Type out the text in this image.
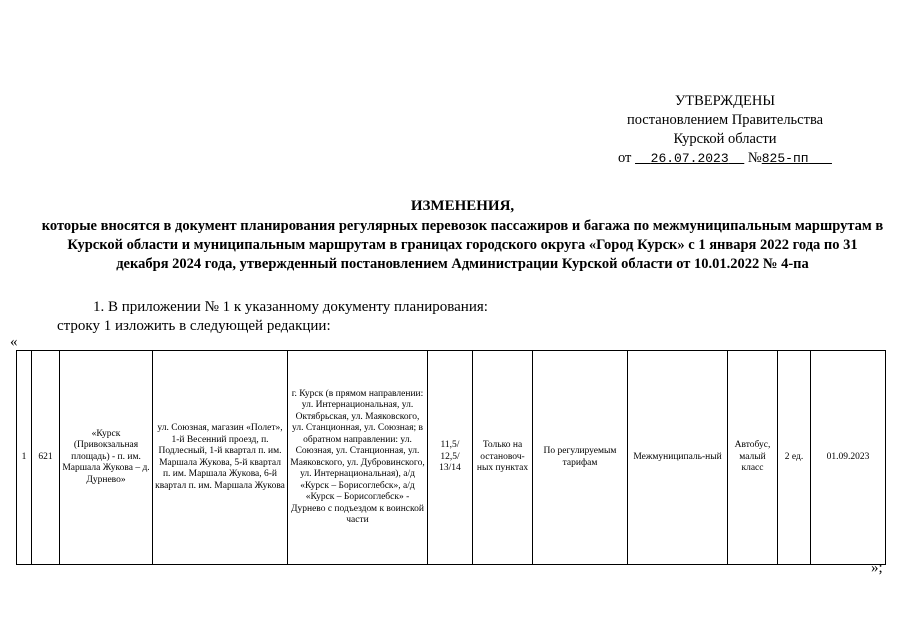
УТВЕРЖДЕНЫ
постановлением Правительства
Курской области
от 26.07.2023 №825-пп
ИЗМЕНЕНИЯ,
которые вносятся в документ планирования регулярных перевозок пассажиров и багажа по межмуниципальным маршрутам в Курской области и муниципальным маршрутам в границах городского округа «Город Курск» с 1 января 2022 года по 31 декабря 2024 года, утвержденный постановлением Администрации Курской области от 10.01.2022 № 4-па
1. В приложении № 1 к указанному документу планирования:
строку 1 изложить в следующей редакции:
«
1	621	«Курск (Привокзальная площадь) - п. им. Маршала Жукова – д. Дурнево»	ул. Союзная, магазин «Полет», 1-й Весенний проезд, п. Подлесный, 1-й квартал п. им. Маршала Жукова, 5-й квартал п. им. Маршала Жукова, 6-й квартал п. им. Маршала Жукова	г. Курск (в прямом направлении: ул. Интернациональная, ул. Октябрьская, ул. Маяковского, ул. Станционная, ул. Союзная; в обратном направлении: ул. Союзная, ул. Станционная, ул. Маяковского, ул. Дубровинского, ул. Интернациональная), а/д «Курск – Борисоглебск», а/д «Курск – Борисоглебск» - Дурнево с подъездом к воинской части	11,5/ 12,5/ 13/14	Только на остановоч-ных пунктах	По регулируемым тарифам	Межмуниципаль-ный	Автобус, малый класс	2 ед.	01.09.2023
»;
